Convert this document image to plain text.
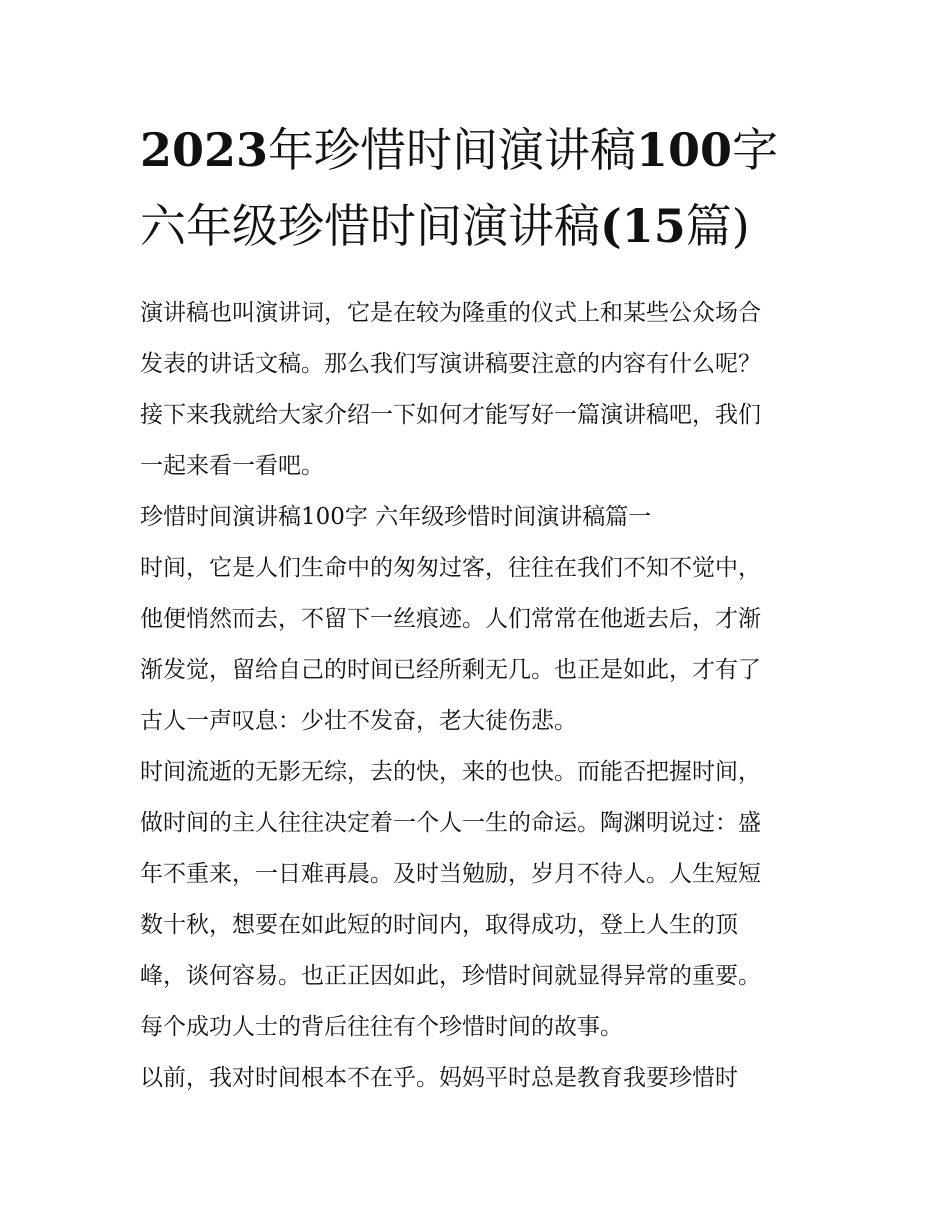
2023年珍惜时间演讲稿100字
六年级珍惜时间演讲稿(15篇)

演讲稿也叫演讲词，它是在较为隆重的仪式上和某些公众场合
发表的讲话文稿。那么我们写演讲稿要注意的内容有什么呢？
接下来我就给大家介绍一下如何才能写好一篇演讲稿吧，我们
一起来看一看吧。

珍惜时间演讲稿100字 六年级珍惜时间演讲稿篇一

时间，它是人们生命中的匆匆过客，往往在我们不知不觉中，
他便悄然而去，不留下一丝痕迹。人们常常在他逝去后，才渐
渐发觉，留给自己的时间已经所剩无几。也正是如此，才有了
古人一声叹息：少壮不发奋，老大徒伤悲。

时间流逝的无影无综，去的快，来的也快。而能否把握时间，
做时间的主人往往决定着一个人一生的命运。陶渊明说过：盛
年不重来，一日难再晨。及时当勉励，岁月不待人。人生短短
数十秋，想要在如此短的时间内，取得成功，登上人生的顶
峰，谈何容易。也正正因如此，珍惜时间就显得异常的重要。
每个成功人士的背后往往有个珍惜时间的故事。

以前，我对时间根本不在乎。妈妈平时总是教育我要珍惜时
